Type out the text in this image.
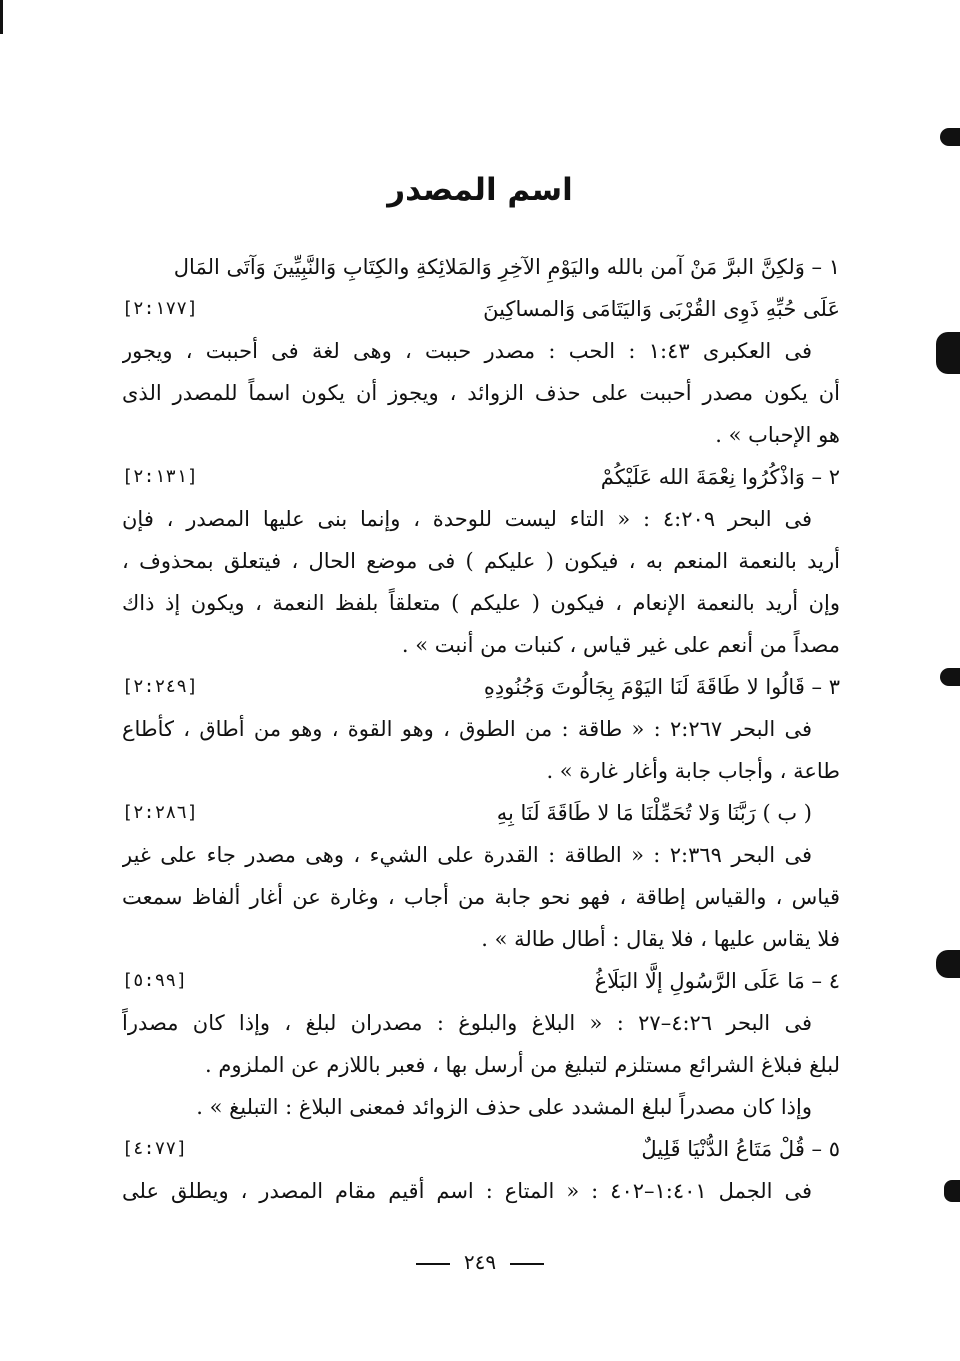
اسم المصدر
١ – وَلكِنَّ البرَّ مَنْ آمن بالله واليَوْمِ الآخِرِ وَالمَلائِكةِ والكِتَابِ وَالنَّبِيِّينَ وَآتَى المَال
عَلَى حُبِّهِ ذَوِى القُرْبَى وَاليَتَامَى وَالمساكِينَ
[٢:١٧٧]
فى العكبرى ١:٤٣ : الحب : مصدر حببت ، وهى لغة فى أحببت ، ويجور
أن يكون مصدر أحببت على حذف الزوائد ، ويجوز أن يكون اسماً للمصدر الذى
هو الإحباب » .
٢ – وَاذْكُرُوا نِعْمَةَ الله عَلَيْكُمْ
[٢:١٣١]
فى البحر ٤:٢٠٩ : « التاء ليست للوحدة ، وإنما بنى عليها المصدر ، فإن
أريد بالنعمة المنعم به ، فيكون ( عليكم ) فى موضع الحال ، فيتعلق بمحذوف ،
وإن أريد بالنعمة الإنعام ، فيكون ( عليكم ) متعلقاً بلفظ النعمة ، ويكون إذ ذاك
مصداً من أنعم على غير قياس ، كنبات من أنبت » .
٣ – قَالُوا لا طَاقَةَ لَنَا اليَوْمَ بِجَالُوتَ وَجُنُودِهِ
[٢:٢٤٩]
فى البحر ٢:٢٦٧ : « طاقة : من الطوق ، وهو القوة ، وهو من أطاق ، كأطاع
طاعة ، وأجاب جابة وأغار غارة » .
( ب ) رَبَّنَا وَلا تُحَمِّلْنَا مَا لا طَاقَةَ لَنَا بِهِ
[٢:٢٨٦]
فى البحر ٢:٣٦٩ : « الطاقة : القدرة على الشيء ، وهى مصدر جاء على غير
قياس ، والقياس إطاقة ، فهو نحو جابة من أجاب ، وغارة عن أغار ألفاظ سمعت
فلا يقاس عليها ، فلا يقال : أطال طالة » .
٤ – مَا عَلَى الرَّسُولِ إلَّا البَلَاغُ
[٥:٩٩]
فى البحر ٤:٢٦–٢٧ : « البلاغ والبلوغ : مصدران لبلغ ، وإذا كان مصدراً
لبلغ فبلاغ الشرائع مستلزم لتبليغ من أرسل بها ، فعبر باللازم عن الملزوم .
وإذا كان مصدراً لبلغ المشدد على حذف الزوائد فمعنى البلاغ : التبليغ » .
٥ – قُلْ مَتَاعُ الدُّنْيَا قَلِيلٌ
[٤:٧٧]
فى الجمل ١:٤٠١–٤٠٢ : « المتاع : اسم أقيم مقام المصدر ، ويطلق على
٢٤٩
